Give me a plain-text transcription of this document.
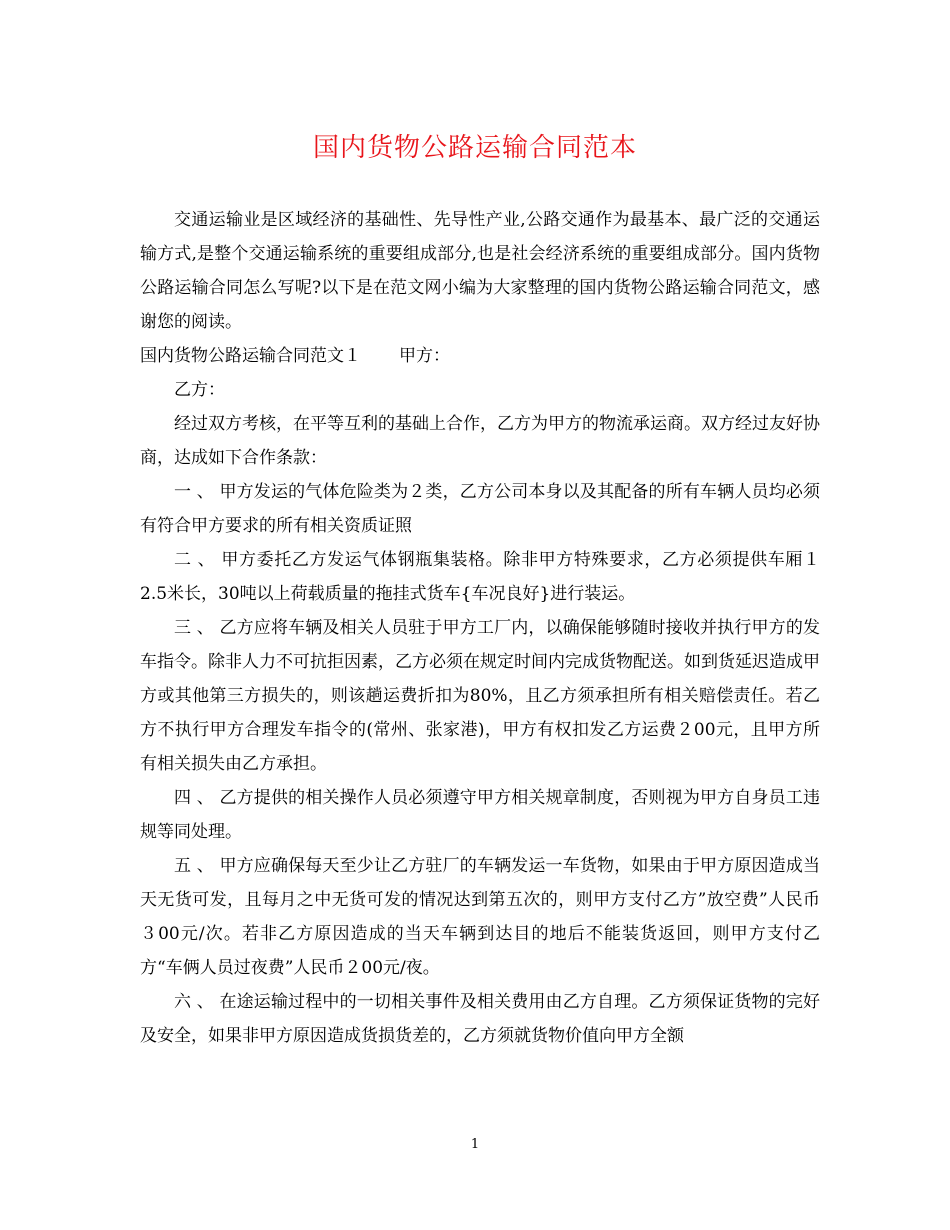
国内货物公路运输合同范本

交通运输业是区域经济的基础性、先导性产业,公路交通作为最基本、最广泛的交通运输方式,是整个交通运输系统的重要组成部分,也是社会经济系统的重要组成部分。国内货物公路运输合同怎么写呢?以下是在范文网小编为大家整理的国内货物公路运输合同范文，感谢您的阅读。

国内货物公路运输合同范文１ 甲方：

乙方：

经过双方考核，在平等互利的基础上合作，乙方为甲方的物流承运商。双方经过友好协商，达成如下合作条款：

一 、 甲方发运的气体危险类为２类，乙方公司本身以及其配备的所有车辆人员均必须有符合甲方要求的所有相关资质证照

二 、 甲方委托乙方发运气体钢瓶集装格。除非甲方特殊要求，乙方必须提供车厢１2.5米长，30吨以上荷载质量的拖挂式货车{车况良好}进行装运。

三 、 乙方应将车辆及相关人员驻于甲方工厂内，以确保能够随时接收并执行甲方的发车指令。除非人力不可抗拒因素，乙方必须在规定时间内完成货物配送。如到货延迟造成甲方或其他第三方损失的，则该趟运费折扣为80%，且乙方须承担所有相关赔偿责任。若乙方不执行甲方合理发车指令的(常州、张家港)，甲方有权扣发乙方运费２00元，且甲方所有相关损失由乙方承担。

四 、 乙方提供的相关操作人员必须遵守甲方相关规章制度，否则视为甲方自身员工违规等同处理。

五 、 甲方应确保每天至少让乙方驻厂的车辆发运一车货物，如果由于甲方原因造成当天无货可发，且每月之中无货可发的情况达到第五次的，则甲方支付乙方”放空费”人民币３00元/次。若非乙方原因造成的当天车辆到达目的地后不能装货返回，则甲方支付乙方“车俩人员过夜费”人民币２00元/夜。

六 、 在途运输过程中的一切相关事件及相关费用由乙方自理。乙方须保证货物的完好及安全，如果非甲方原因造成货损货差的，乙方须就货物价值向甲方全额

1
